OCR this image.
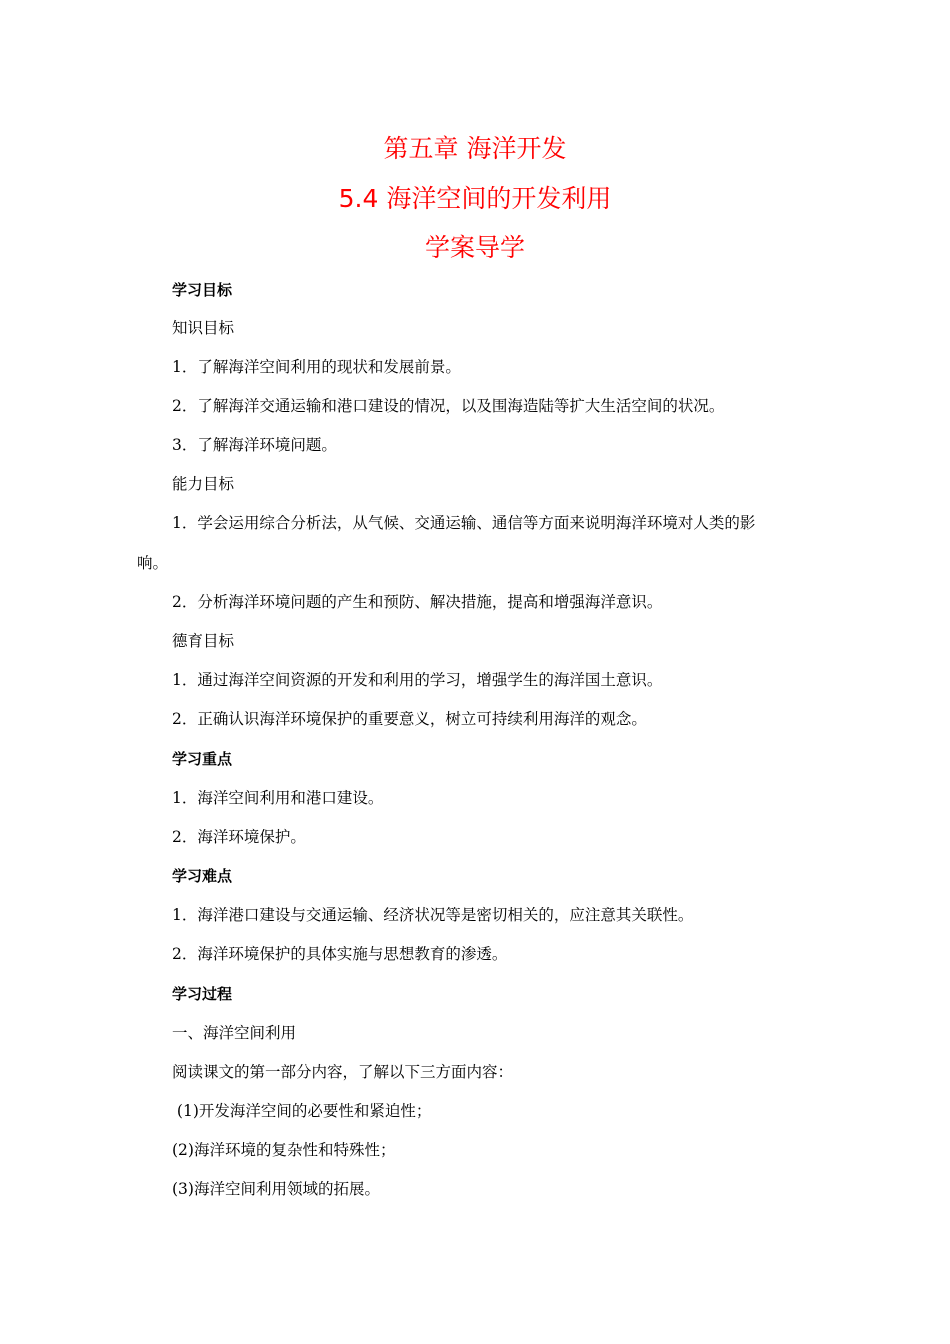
第五章 海洋开发
5.4 海洋空间的开发利用
学案导学
学习目标
知识目标
1．了解海洋空间利用的现状和发展前景。
2．了解海洋交通运输和港口建设的情况，以及围海造陆等扩大生活空间的状况。
3．了解海洋环境问题。
能力目标
1．学会运用综合分析法，从气候、交通运输、通信等方面来说明海洋环境对人类的影
响。
2．分析海洋环境问题的产生和预防、解决措施，提高和增强海洋意识。
德育目标
1．通过海洋空间资源的开发和利用的学习，增强学生的海洋国土意识。
2．正确认识海洋环境保护的重要意义，树立可持续利用海洋的观念。
学习重点
1．海洋空间利用和港口建设。
2．海洋环境保护。
学习难点
1．海洋港口建设与交通运输、经济状况等是密切相关的，应注意其关联性。
2．海洋环境保护的具体实施与思想教育的渗透。
学习过程
一、海洋空间利用
阅读课文的第一部分内容，了解以下三方面内容：
(1)开发海洋空间的必要性和紧迫性；
(2)海洋环境的复杂性和特殊性；
(3)海洋空间利用领域的拓展。
